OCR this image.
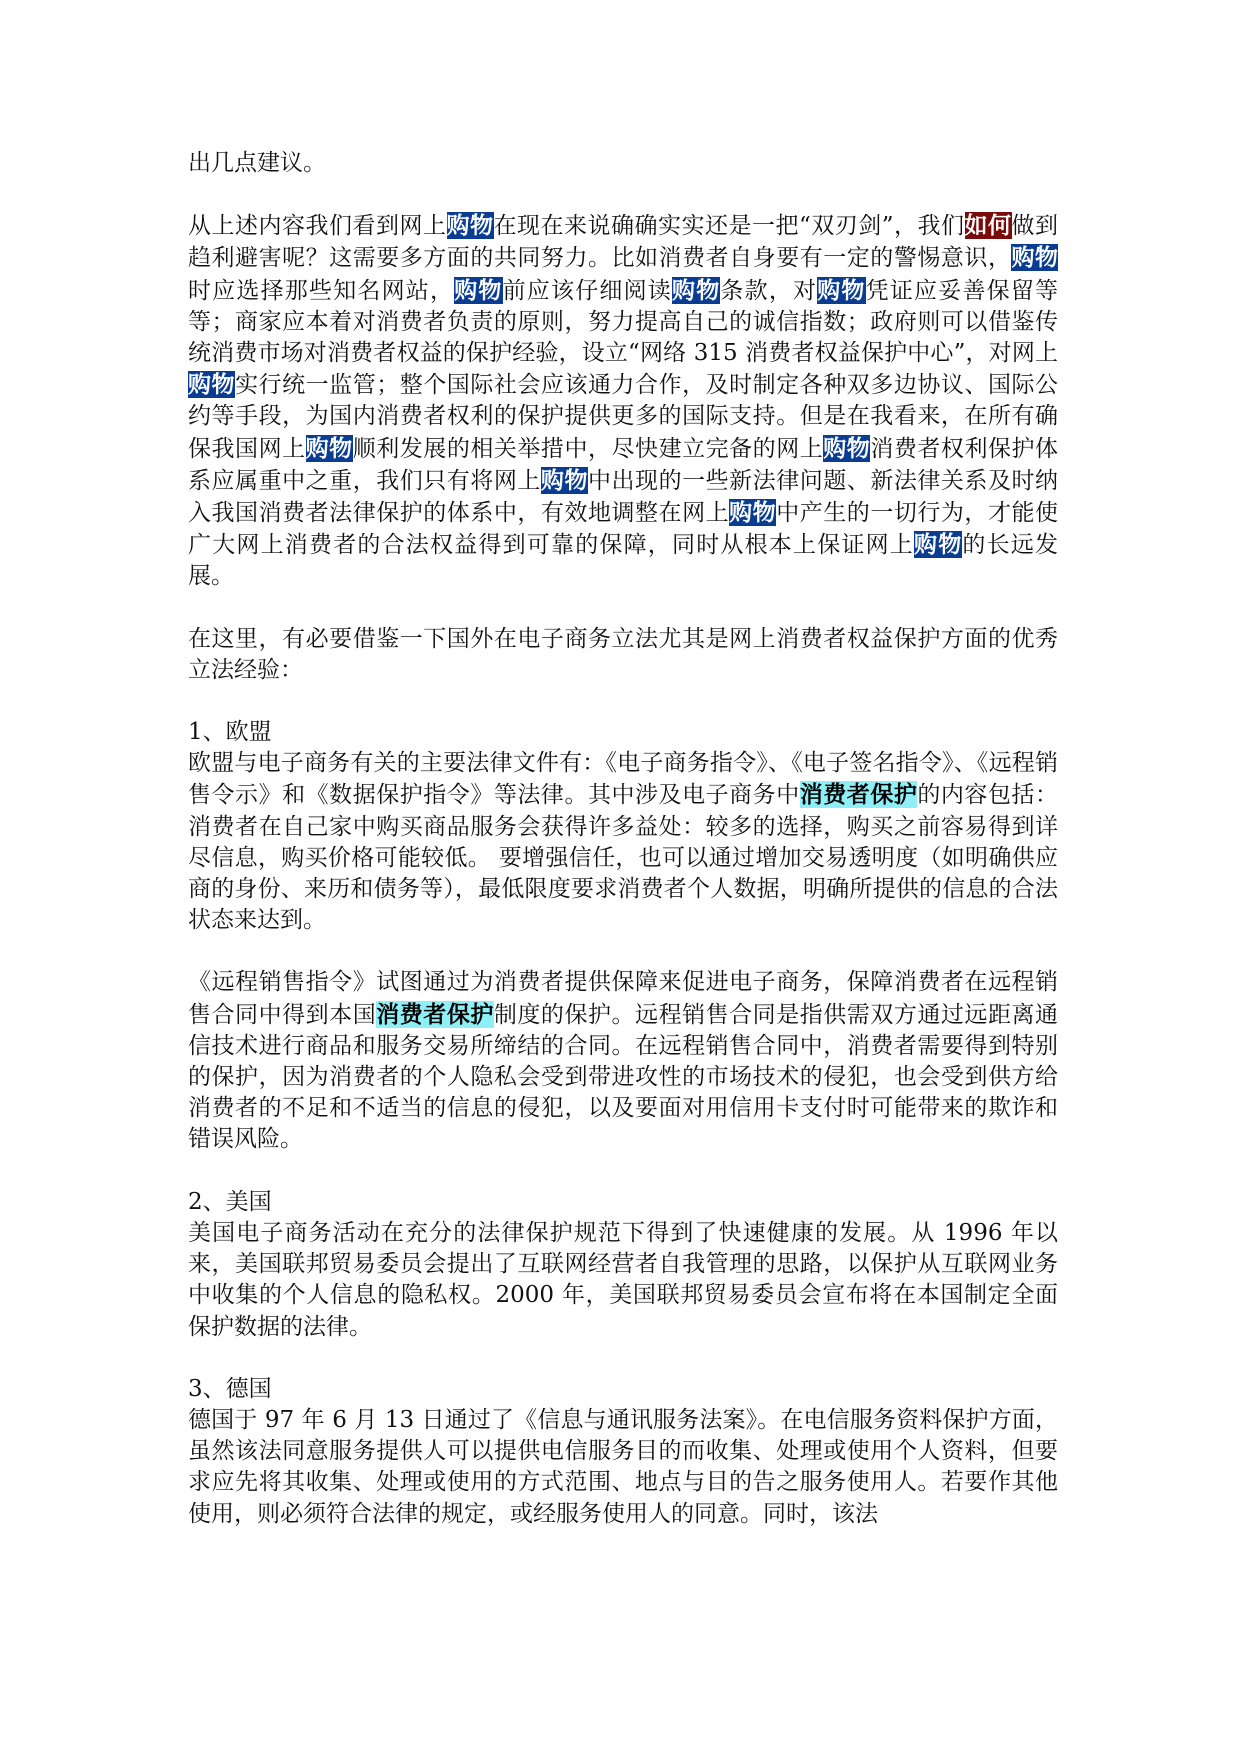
出几点建议。

从上述内容我们看到网上购物在现在来说确确实实还是一把“双刃剑”，我们如何做到趋利避害呢？这需要多方面的共同努力。比如消费者自身要有一定的警惕意识，购物时应选择那些知名网站，购物前应该仔细阅读购物条款，对购物凭证应妥善保留等等；商家应本着对消费者负责的原则，努力提高自己的诚信指数；政府则可以借鉴传统消费市场对消费者权益的保护经验，设立“网络 315 消费者权益保护中心”，对网上购物实行统一监管；整个国际社会应该通力合作，及时制定各种双多边协议、国际公约等手段，为国内消费者权利的保护提供更多的国际支持。但是在我看来，在所有确保我国网上购物顺利发展的相关举措中，尽快建立完备的网上购物消费者权利保护体系应属重中之重，我们只有将网上购物中出现的一些新法律问题、新法律关系及时纳入我国消费者法律保护的体系中，有效地调整在网上购物中产生的一切行为，才能使广大网上消费者的合法权益得到可靠的保障，同时从根本上保证网上购物的长远发展。

在这里，有必要借鉴一下国外在电子商务立法尤其是网上消费者权益保护方面的优秀立法经验：

1、欧盟

欧盟与电子商务有关的主要法律文件有：《电子商务指令》、《电子签名指令》、《远程销售令示》和《数据保护指令》等法律。其中涉及电子商务中消费者保护的内容包括：消费者在自己家中购买商品服务会获得许多益处：较多的选择，购买之前容易得到详尽信息，购买价格可能较低。 要增强信任，也可以通过增加交易透明度（如明确供应商的身份、来历和债务等），最低限度要求消费者个人数据，明确所提供的信息的合法状态来达到。

《远程销售指令》试图通过为消费者提供保障来促进电子商务，保障消费者在远程销售合同中得到本国消费者保护制度的保护。远程销售合同是指供需双方通过远距离通信技术进行商品和服务交易所缔结的合同。在远程销售合同中，消费者需要得到特别的保护，因为消费者的个人隐私会受到带进攻性的市场技术的侵犯，也会受到供方给消费者的不足和不适当的信息的侵犯，以及要面对用信用卡支付时可能带来的欺诈和错误风险。

2、美国

美国电子商务活动在充分的法律保护规范下得到了快速健康的发展。从 1996 年以来，美国联邦贸易委员会提出了互联网经营者自我管理的思路，以保护从互联网业务中收集的个人信息的隐私权。2000 年，美国联邦贸易委员会宣布将在本国制定全面保护数据的法律。

3、德国

德国于 97 年 6 月 13 日通过了《信息与通讯服务法案》。在电信服务资料保护方面，虽然该法同意服务提供人可以提供电信服务目的而收集、处理或使用个人资料，但要求应先将其收集、处理或使用的方式范围、地点与目的告之服务使用人。若要作其他使用，则必须符合法律的规定，或经服务使用人的同意。同时，该法
